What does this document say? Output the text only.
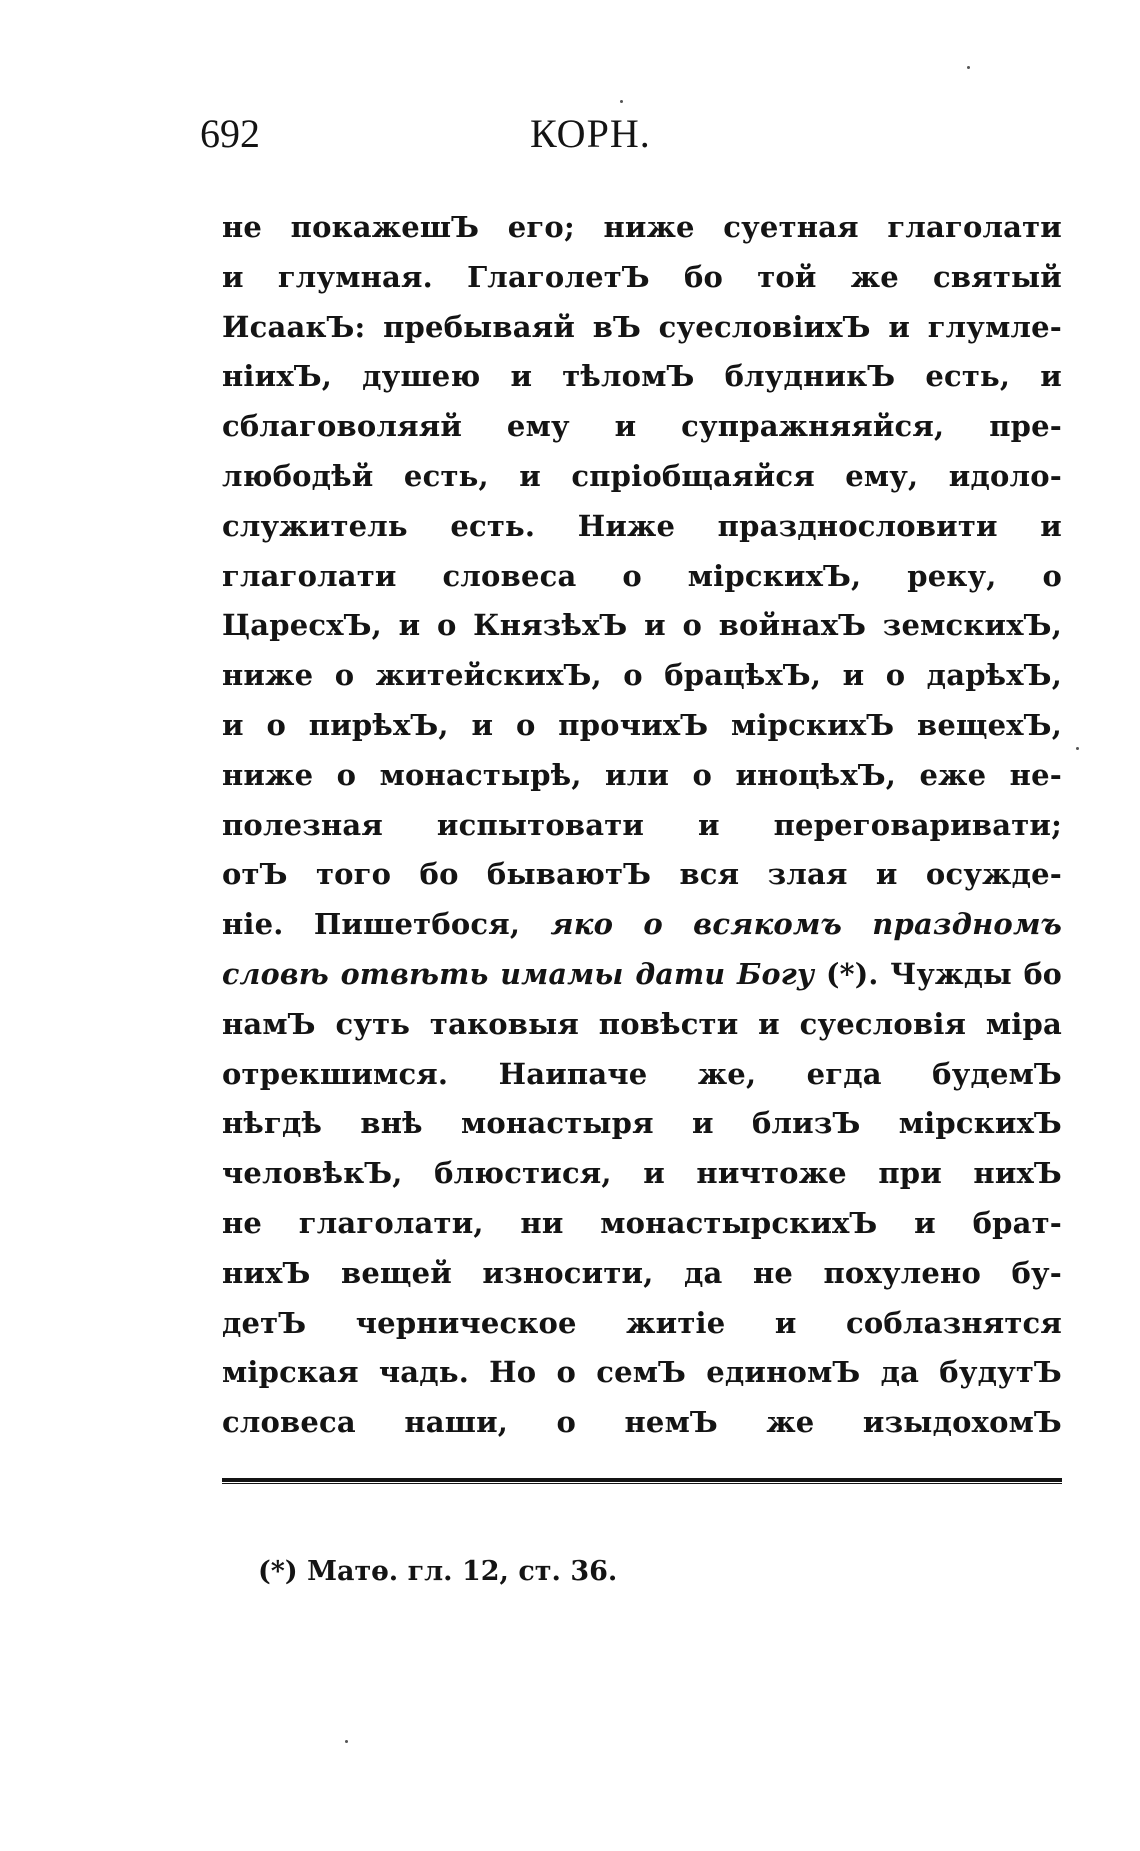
692	КОРН.
не покажешЪ его; ниже суетная глаголати
и глумная. ГлаголетЪ бо той же святый
ИсаакЪ: пребываяй вЪ суесловіихЪ и глумле-
ніихЪ, душею и тѣломЪ блудникЪ есть, и
сблаговоляяй ему и супражняяйся, пре-
любодѣй есть, и спріобщаяйся ему, идоло-
служитель есть. Ниже празднословити и
глаголати словеса о мірскихЪ, реку, о
ЦаресхЪ, и о КнязѣхЪ и о войнахЪ земскихЪ,
ниже о житейскихЪ, о брацѣхЪ, и о дарѣхЪ,
и о пирѣхЪ, и о прочихЪ мірскихЪ вещехЪ,
ниже о монастырѣ, или о иноцѣхЪ, еже не-
полезная испытовати и переговаривати;
отЪ того бо бываютЪ вся злая и осужде-
ніе. Пишетбося, яко о всякомъ праздномъ
словѣ отвѣть имамы дати Богу (*). Чужды бо
намЪ суть таковыя повѣсти и суесловія міра
отрекшимся. Наипаче же, егда будемЪ
нѣгдѣ внѣ монастыря и близЪ мірскихЪ
человѣкЪ, блюстися, и ничтоже при нихЪ
не глаголати, ни монастырскихЪ и брат-
нихЪ вещей износити, да не похулено бу-
детЪ черническое житіе и соблазнятся
мірская чадь. Но о семЪ единомЪ да будутЪ
словеса наши, о немЪ же изыдохомЪ
(*) Матѳ. гл. 12, ст. 36.
